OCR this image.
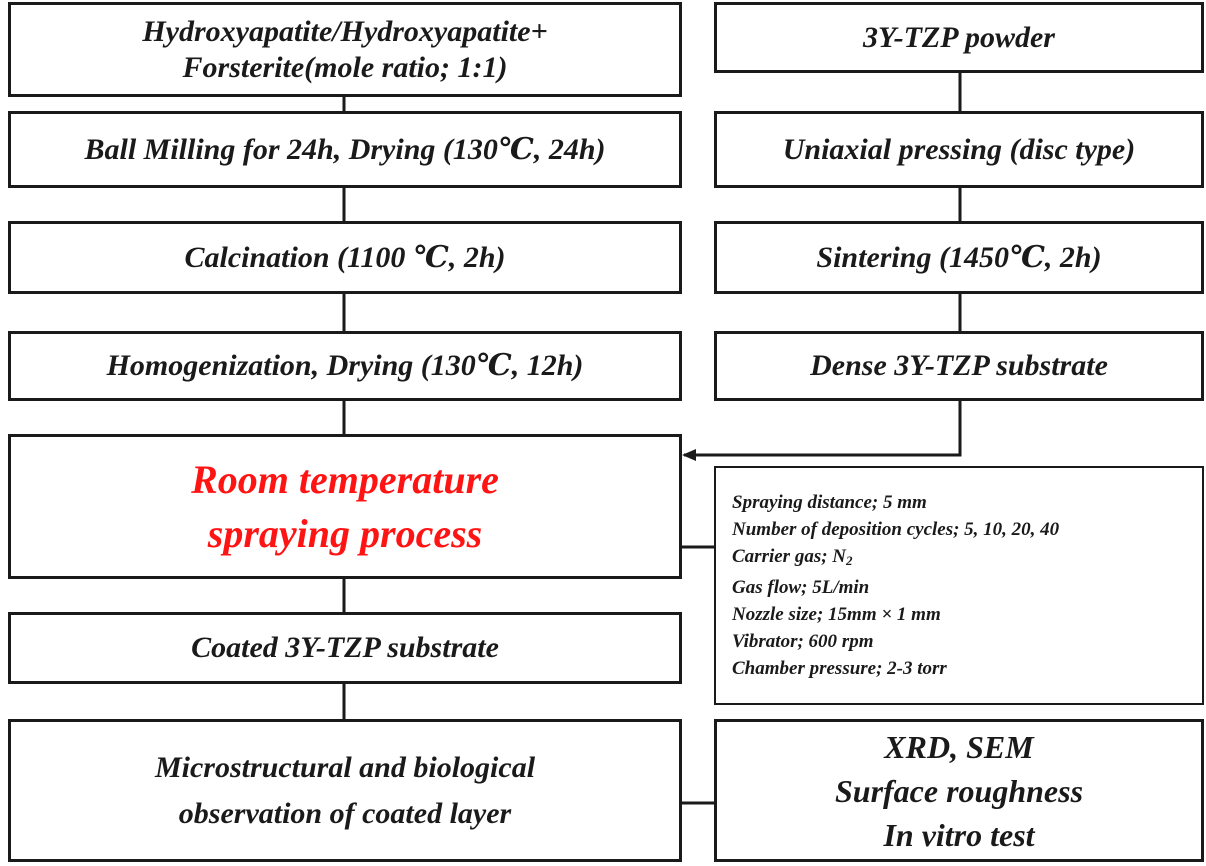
Hydroxyapatite/Hydroxyapatite+
Forsterite(mole ratio; 1:1)
Ball Milling for 24h, Drying (130℃, 24h)
Calcination (1100 ℃, 2h)
Homogenization, Drying (130℃, 12h)
Room temperature
spraying process
Coated 3Y-TZP substrate
Microstructural and biological
observation of coated layer
3Y-TZP powder
Uniaxial pressing (disc type)
Sintering (1450℃, 2h)
Dense 3Y-TZP substrate
Spraying distance; 5 mm
Number of deposition cycles; 5, 10, 20, 40
Carrier gas; $N_2$
Gas flow; 5L/min
Nozzle size; 15mm × 1 mm
Vibrator; 600 rpm
Chamber pressure; 2-3 torr
XRD, SEM
Surface roughness
In vitro test
